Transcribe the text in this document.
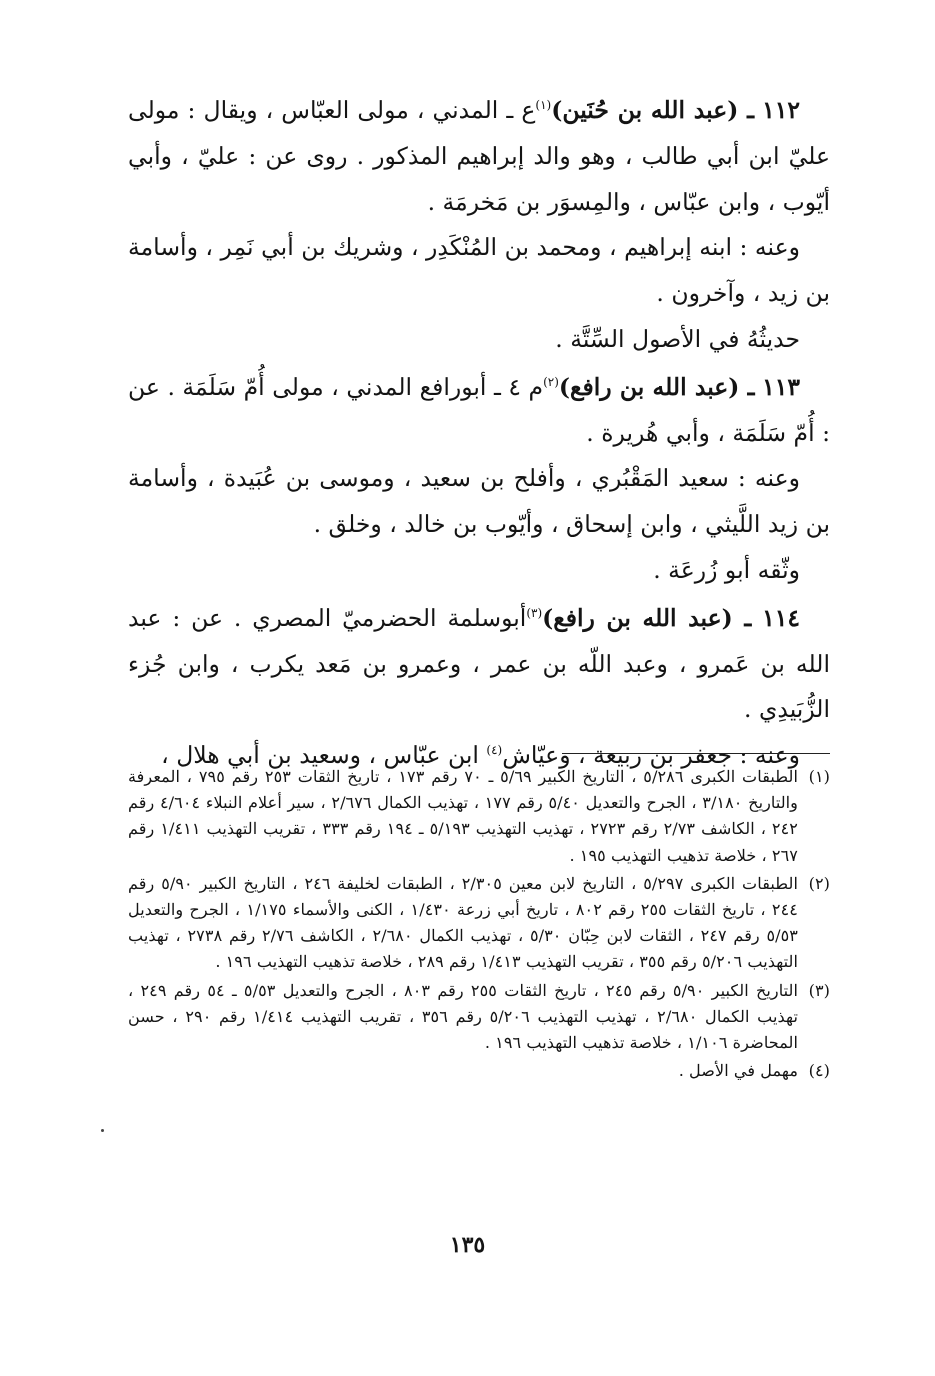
١١٢ ـ (عبد الله بن حُنَين)$^{(١)}$ع ـ المدني ، مولى العبّاس ، ويقال : مولى عليّ ابن أبي طالب ، وهو والد إبراهيم المذكور . روى عن : عليّ ، وأبي أيّوب ، وابن عبّاس ، والمِسوَر بن مَخرمَة .

وعنه : ابنه إبراهيم ، ومحمد بن المُنْكَدِر ، وشريك بن أبي نَمِر ، وأسامة بن زيد ، وآخرون .

حديثُهُ في الأصول السِّتَّة .

١١٣ ـ (عبد الله بن رافع)$^{(٢)}$م ٤ ـ أبورافع المدني ، مولى أُمّ سَلَمَة . عن : أُمّ سَلَمَة ، وأبي هُريرة .

وعنه : سعيد المَقْبُري ، وأفلح بن سعيد ، وموسى بن عُبَيدة ، وأسامة بن زيد اللَّيثي ، وابن إسحاق ، وأيّوب بن خالد ، وخلق .

وثّقه أبو زُرعَة .

١١٤ ـ (عبد الله بن رافع)$^{(٣)}$أبوسلمة الحضرميّ المصري . عن : عبد الله بن عَمرو ، وعبد اللّه بن عمر ، وعمرو بن مَعد يكرب ، وابن جُزء الزُّبَيدِي .

وعنه : جعفر بن ربيعة ، وعيّاش$^{(٤)}$ ابن عبّاس ، وسعيد بن أبي هلال ،

(١)
الطبقات الكبرى ٥/٢٨٦ ، التاريخ الكبير ٥/٦٩ ـ ٧٠ رقم ١٧٣ ، تاريخ الثقات ٢٥٣ رقم ٧٩٥ ، المعرفة والتاريخ ٣/١٨٠ ، الجرح والتعديل ٥/٤٠ رقم ١٧٧ ، تهذيب الكمال ٢/٦٧٦ ، سير أعلام النبلاء ٤/٦٠٤ رقم ٢٤٢ ، الكاشف ٢/٧٣ رقم ٢٧٢٣ ، تهذيب التهذيب ٥/١٩٣ ـ ١٩٤ رقم ٣٣٣ ، تقريب التهذيب ١/٤١١ رقم ٢٦٧ ، خلاصة تذهيب التهذيب ١٩٥ .
(٢)
الطبقات الكبرى ٥/٢٩٧ ، التاريخ لابن معين ٢/٣٠٥ ، الطبقات لخليفة ٢٤٦ ، التاريخ الكبير ٥/٩٠ رقم ٢٤٤ ، تاريخ الثقات ٢٥٥ رقم ٨٠٢ ، تاريخ أبي زرعة ١/٤٣٠ ، الكنى والأسماء ١/١٧٥ ، الجرح والتعديل ٥/٥٣ رقم ٢٤٧ ، الثقات لابن حِبّان ٥/٣٠ ، تهذيب الكمال ٢/٦٨٠ ، الكاشف ٢/٧٦ رقم ٢٧٣٨ ، تهذيب التهذيب ٥/٢٠٦ رقم ٣٥٥ ، تقريب التهذيب ١/٤١٣ رقم ٢٨٩ ، خلاصة تذهيب التهذيب ١٩٦ .
(٣)
التاريخ الكبير ٥/٩٠ رقم ٢٤٥ ، تاريخ الثقات ٢٥٥ رقم ٨٠٣ ، الجرح والتعديل ٥/٥٣ ـ ٥٤ رقم ٢٤٩ ، تهذيب الكمال ٢/٦٨٠ ، تهذيب التهذيب ٥/٢٠٦ رقم ٣٥٦ ، تقريب التهذيب ١/٤١٤ رقم ٢٩٠ ، حسن المحاضرة ١/١٠٦ ، خلاصة تذهيب التهذيب ١٩٦ .
(٤)
مهمل في الأصل .
١٣٥
